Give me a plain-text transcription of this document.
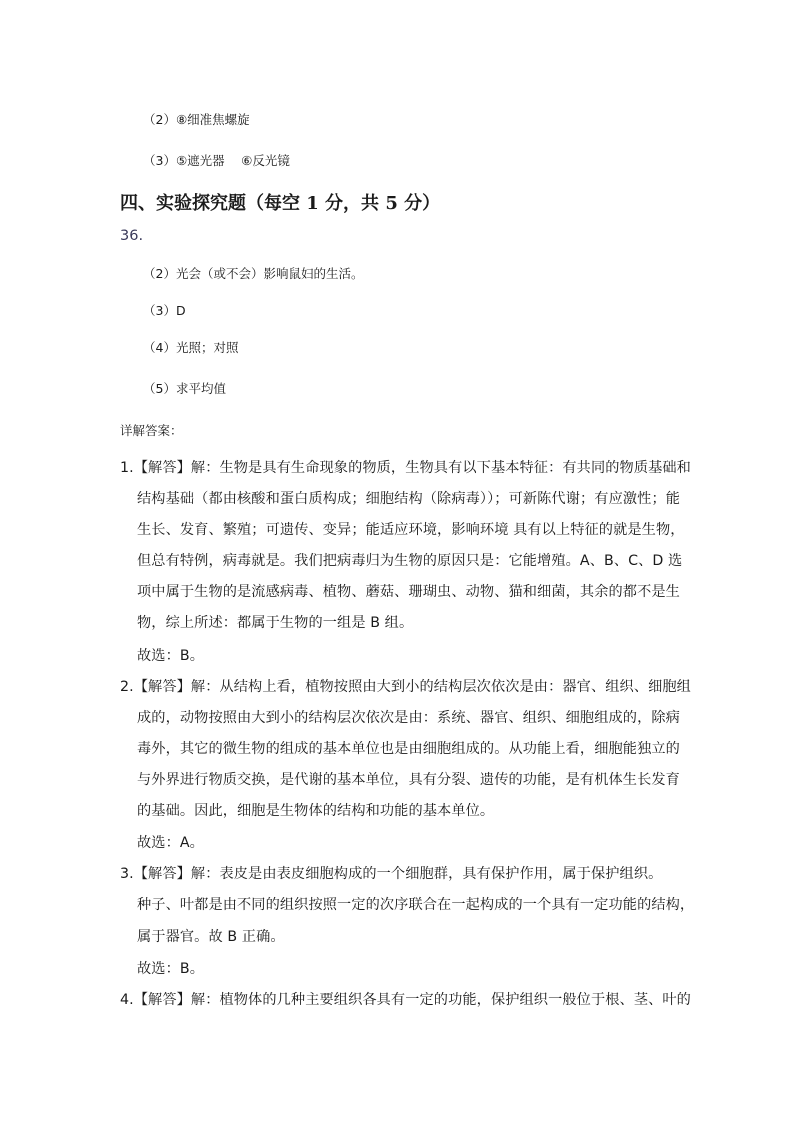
（2）⑧细准焦螺旋
（3）⑤遮光器　 ⑥反光镜
四、实验探究题（每空 1 分，共 5 分）
36.
（2）光会（或不会）影响鼠妇的生活。
（3）D
（4）光照；对照
（5）求平均值
详解答案：
1.【解答】解：生物是具有生命现象的物质，生物具有以下基本特征：有共同的物质基础和
结构基础（都由核酸和蛋白质构成；细胞结构（除病毒））；可新陈代谢；有应激性；能
生长、发育、繁殖；可遗传、变异；能适应环境，影响环境 具有以上特征的就是生物，
但总有特例，病毒就是。我们把病毒归为生物的原因只是：它能增殖。A、B、C、D 选
项中属于生物的是流感病毒、植物、蘑菇、珊瑚虫、动物、猫和细菌，其余的都不是生
物，综上所述：都属于生物的一组是 B 组。
故选：B。
2.【解答】解：从结构上看，植物按照由大到小的结构层次依次是由：器官、组织、细胞组
成的，动物按照由大到小的结构层次依次是由：系统、器官、组织、细胞组成的，除病
毒外，其它的微生物的组成的基本单位也是由细胞组成的。从功能上看，细胞能独立的
与外界进行物质交换，是代谢的基本单位，具有分裂、遗传的功能，是有机体生长发育
的基础。因此，细胞是生物体的结构和功能的基本单位。
故选：A。
3.【解答】解：表皮是由表皮细胞构成的一个细胞群，具有保护作用，属于保护组织。
种子、叶都是由不同的组织按照一定的次序联合在一起构成的一个具有一定功能的结构，
属于器官。故 B 正确。
故选：B。
4.【解答】解：植物体的几种主要组织各具有一定的功能，保护组织一般位于根、茎、叶的
